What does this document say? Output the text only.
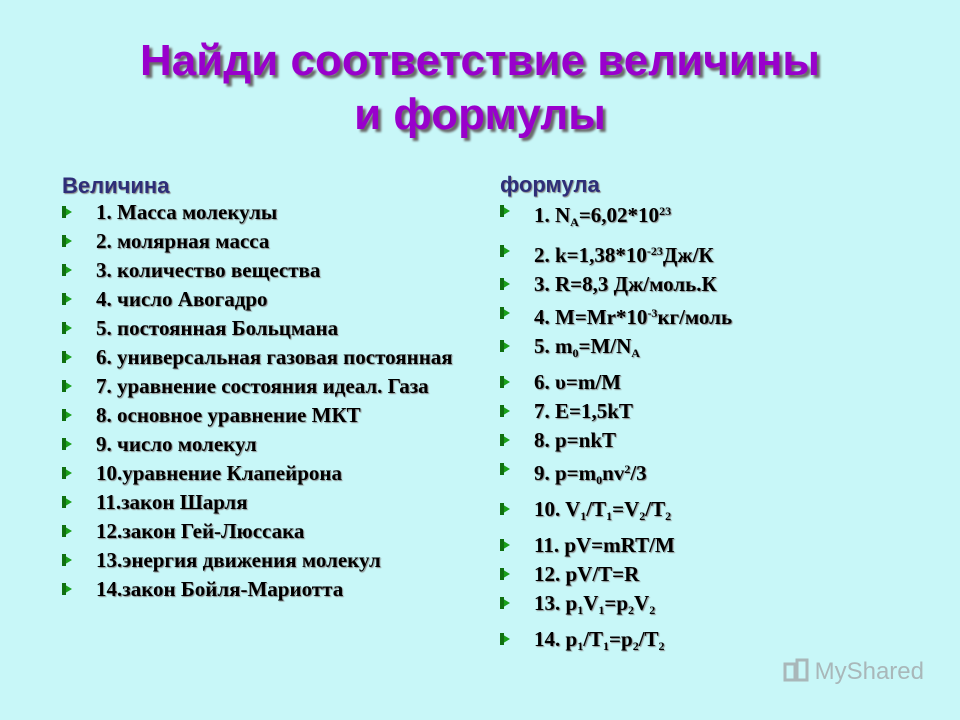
Найди соответствие величины
и формулы
Величина
1. Масса молекулы
2. молярная масса
3. количество вещества
4. число Авогадро
5. постоянная Больцмана
6. универсальная газовая постоянная
7. уравнение состояния идеал. Газа
8. основное уравнение МКТ
9. число молекул
10.уравнение Клапейрона
11.закон Шарля
12.закон Гей-Люссака
13.энергия движения молекул
14.закон Бойля-Мариотта
формула
1. $N_A=6,02*10^{23}$
2. $k=1,38*10^{-23}Дж/К$
3. R=8,3 Дж/моль.К
4. $M=Mr*10^{-3}кг$/моль
5. $m_0=M/N_A$
6. υ=m/M
7. E=1,5kT
8. p=nkT
9. $p=m_0nv^2/3$
10. $V_1/T_1=V_2/T_2$
11. pV=mRT/M
12. pV/T=R
13. $p_1V_1=p_2V_2$
14. $p_1/T_1=p_2/T_2$
MyShared
